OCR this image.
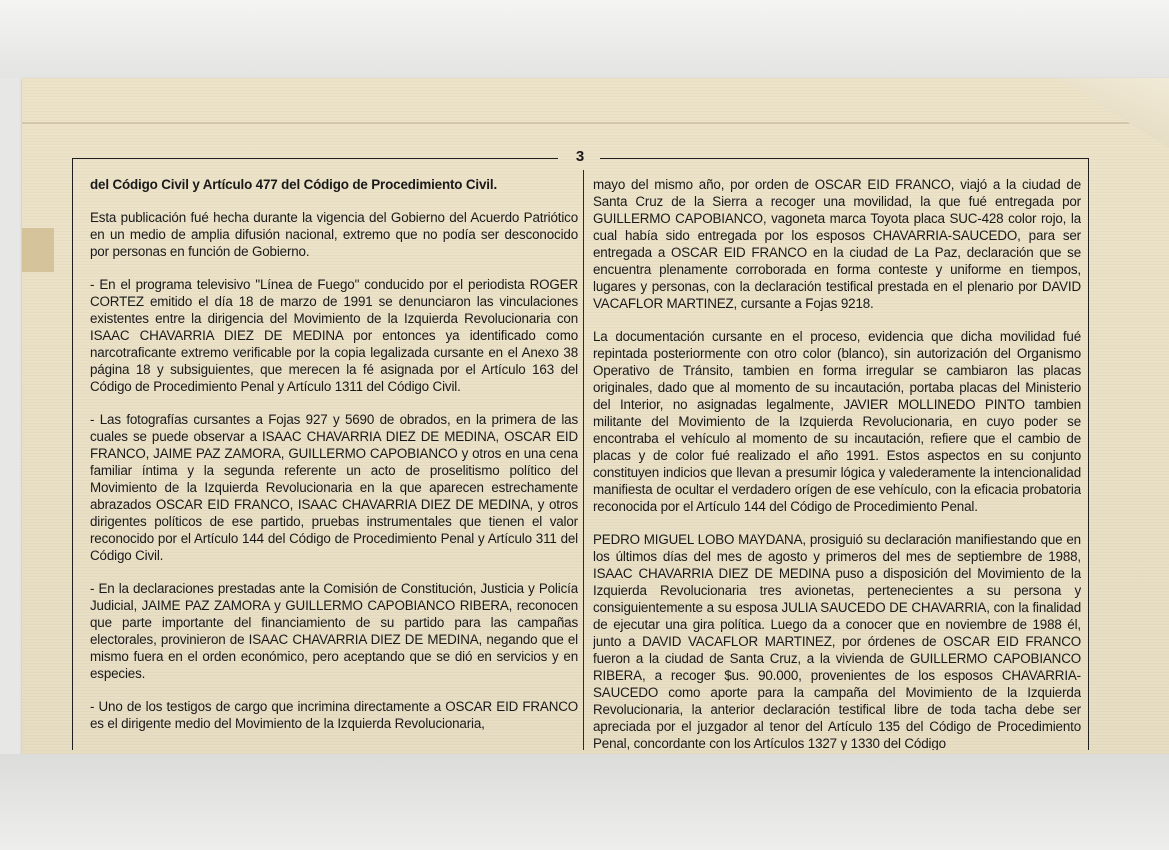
3

del Código Civil y Artículo 477 del Código de Procedimiento Civil.

Esta publicación fué hecha durante la vigencia del Gobierno del Acuerdo Patriótico en un medio de amplia difusión nacional, extremo que no podía ser desconocido por personas en función de Gobierno.

- En el programa televisivo "Línea de Fuego" conducido por el periodista ROGER CORTEZ emitido el día 18 de marzo de 1991 se denunciaron las vinculaciones existentes entre la dirigencia del Movimiento de la Izquierda Revolucionaria con ISAAC CHAVARRIA DIEZ DE MEDINA por entonces ya identificado como narcotraficante extremo verificable por la copia legalizada cursante en el Anexo 38 página 18 y subsiguientes, que merecen la fé asignada por el Artículo 163 del Código de Procedimiento Penal y Artículo 1311 del Código Civil.

- Las fotografías cursantes a Fojas 927 y 5690 de obrados, en la primera de las cuales se puede observar a ISAAC CHAVARRIA DIEZ DE MEDINA, OSCAR EID FRANCO, JAIME PAZ ZAMORA, GUILLERMO CAPOBIANCO y otros en una cena familiar íntima y la segunda referente un acto de proselitismo político del Movimiento de la Izquierda Revolucionaria en la que aparecen estrechamente abrazados OSCAR EID FRANCO, ISAAC CHAVARRIA DIEZ DE MEDINA, y otros dirigentes políticos de ese partido, pruebas instrumentales que tienen el valor reconocido por el Artículo 144 del Código de Procedimiento Penal y Artículo 311 del Código Civil.

- En la declaraciones prestadas ante la Comisión de Constitución, Justicia y Policía Judicial, JAIME PAZ ZAMORA y GUILLERMO CAPOBIANCO RIBERA, reconocen que parte importante del financiamiento de su partido para las campañas electorales, provinieron de ISAAC CHAVARRIA DIEZ DE MEDINA, negando que el mismo fuera en el orden económico, pero aceptando que se dió en servicios y en especies.

- Uno de los testigos de cargo que incrimina directamente a OSCAR EID FRANCO es el dirigente medio del Movimiento de la Izquierda Revolucionaria,

mayo del mismo año, por orden de OSCAR EID FRANCO, viajó a la ciudad de Santa Cruz de la Sierra a recoger una movilidad, la que fué entregada por GUILLERMO CAPOBIANCO, vagoneta marca Toyota placa SUC-428 color rojo, la cual había sido entregada por los esposos CHAVARRIA-SAUCEDO, para ser entregada a OSCAR EID FRANCO en la ciudad de La Paz, declaración que se encuentra plenamente corroborada en forma conteste y uniforme en tiempos, lugares y personas, con la declaración testifical prestada en el plenario por DAVID VACAFLOR MARTINEZ, cursante a Fojas 9218.

La documentación cursante en el proceso, evidencia que dicha movilidad fué repintada posteriormente con otro color (blanco), sin autorización del Organismo Operativo de Tránsito, tambien en forma irregular se cambiaron las placas originales, dado que al momento de su incautación, portaba placas del Ministerio del Interior, no asignadas legalmente, JAVIER MOLLINEDO PINTO tambien militante del Movimiento de la Izquierda Revolucionaria, en cuyo poder se encontraba el vehículo al momento de su incautación, refiere que el cambio de placas y de color fué realizado el año 1991. Estos aspectos en su conjunto constituyen indicios que llevan a presumir lógica y valederamente la intencionalidad manifiesta de ocultar el verdadero orígen de ese vehículo, con la eficacia probatoria reconocida por el Artículo 144 del Código de Procedimiento Penal.

PEDRO MIGUEL LOBO MAYDANA, prosiguió su declaración manifiestando que en los últimos días del mes de agosto y primeros del mes de septiembre de 1988, ISAAC CHAVARRIA DIEZ DE MEDINA puso a disposición del Movimiento de la Izquierda Revolucionaria tres avionetas, pertenecientes a su persona y consiguientemente a su esposa JULIA SAUCEDO DE CHAVARRIA, con la finalidad de ejecutar una gira política. Luego da a conocer que en noviembre de 1988 él, junto a DAVID VACAFLOR MARTINEZ, por órdenes de OSCAR EID FRANCO fueron a la ciudad de Santa Cruz, a la vivienda de GUILLERMO CAPOBIANCO RIBERA, a recoger $us. 90.000, provenientes de los esposos CHAVARRIA-SAUCEDO como aporte para la campaña del Movimiento de la Izquierda Revolucionaria, la anterior declaración testifical libre de toda tacha debe ser apreciada por el juzgador al tenor del Artículo 135 del Código de Procedimiento Penal, concordante con los Artículos 1327 y 1330 del Código
